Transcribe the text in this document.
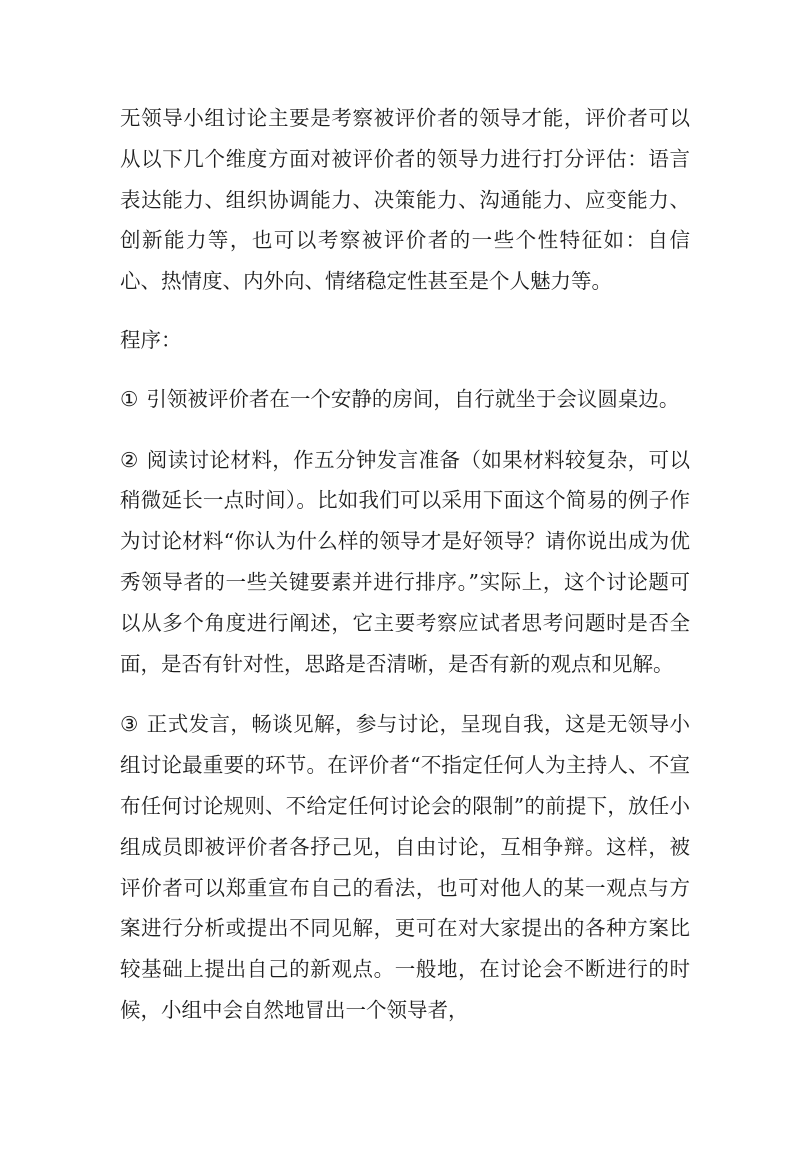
无领导小组讨论主要是考察被评价者的领导才能，评价者可以从以下几个维度方面对被评价者的领导力进行打分评估：语言表达能力、组织协调能力、决策能力、沟通能力、应变能力、创新能力等，也可以考察被评价者的一些个性特征如：自信心、热情度、内外向、情绪稳定性甚至是个人魅力等。

程序：

① 引领被评价者在一个安静的房间，自行就坐于会议圆桌边。

② 阅读讨论材料，作五分钟发言准备（如果材料较复杂，可以稍微延长一点时间）。比如我们可以采用下面这个简易的例子作为讨论材料“你认为什么样的领导才是好领导？请你说出成为优秀领导者的一些关键要素并进行排序。”实际上，这个讨论题可以从多个角度进行阐述，它主要考察应试者思考问题时是否全面，是否有针对性，思路是否清晰，是否有新的观点和见解。

③ 正式发言，畅谈见解，参与讨论，呈现自我，这是无领导小组讨论最重要的环节。在评价者“不指定任何人为主持人、不宣布任何讨论规则、不给定任何讨论会的限制”的前提下，放任小组成员即被评价者各抒己见，自由讨论，互相争辩。这样，被评价者可以郑重宣布自己的看法，也可对他人的某一观点与方案进行分析或提出不同见解，更可在对大家提出的各种方案比较基础上提出自己的新观点。一般地，在讨论会不断进行的时候，小组中会自然地冒出一个领导者，
